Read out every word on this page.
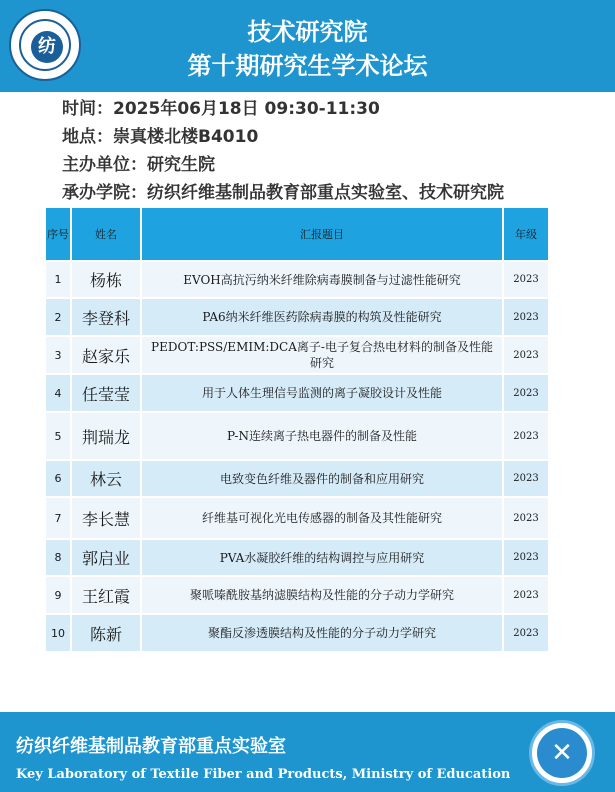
纺
技术研究院
第十期研究生学术论坛
时间：2025年06月18日 09:30-11:30
地点：崇真楼北楼B4010
主办单位：研究生院
承办学院：纺织纤维基制品教育部重点实验室、技术研究院
序号	姓名	汇报题目	年级
1	杨栋	EVOH高抗污纳米纤维除病毒膜制备与过滤性能研究	2023
2	李登科	PA6纳米纤维医药除病毒膜的构筑及性能研究	2023
3	赵家乐	PEDOT:PSS/EMIM:DCA离子-电子复合热电材料的制备及性能研究	2023
4	任莹莹	用于人体生理信号监测的离子凝胶设计及性能	2023
5	荆瑞龙	P-N连续离子热电器件的制备及性能	2023
6	林云	电致变色纤维及器件的制备和应用研究	2023
7	李长慧	纤维基可视化光电传感器的制备及其性能研究	2023
8	郭启业	PVA水凝胶纤维的结构调控与应用研究	2023
9	王红霞	聚哌嗪酰胺基纳滤膜结构及性能的分子动力学研究	2023
10	陈新	聚酯反渗透膜结构及性能的分子动力学研究	2023
纺织纤维基制品教育部重点实验室
Key Laboratory of Textile Fiber and Products, Ministry of Education
✕
